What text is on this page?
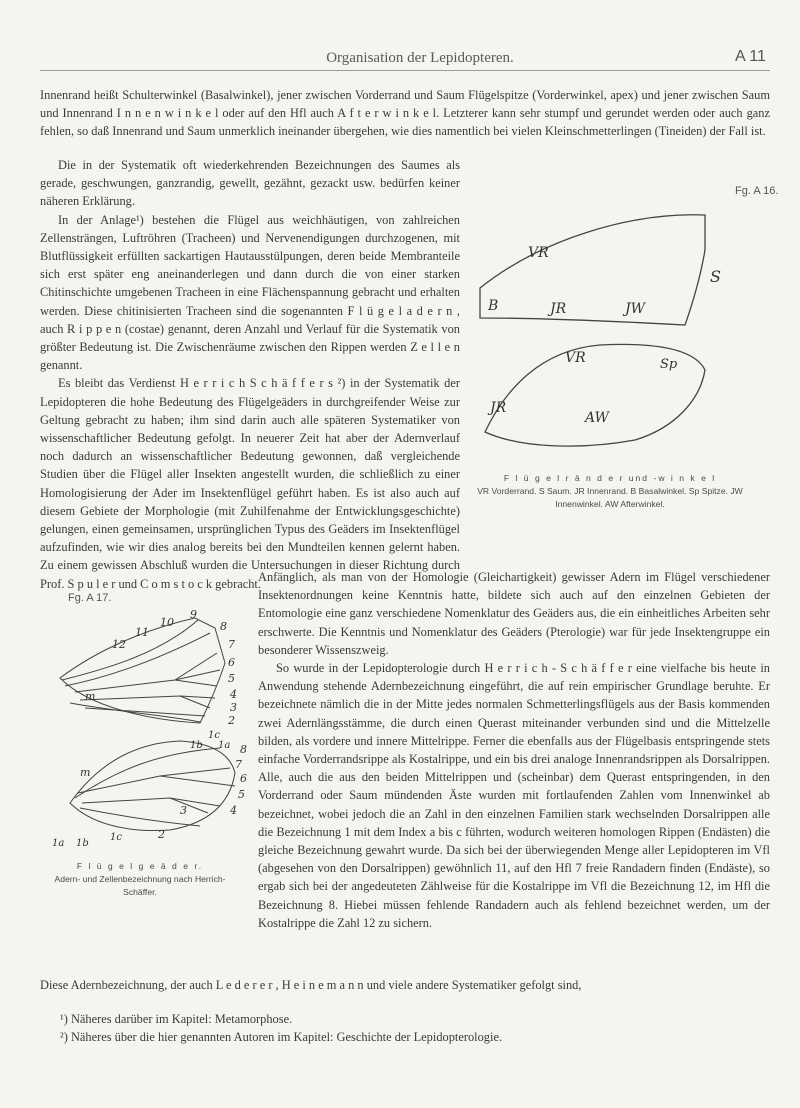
Organisation der Lepidopteren.	A 11

Innenrand heißt Schulterwinkel (Basalwinkel), jener zwischen Vorderrand und Saum Flügelspitze (Vorderwinkel, apex) und jener zwischen Saum und Innenrand I n n e n w i n k e l oder auf den Hfl auch A f t e r w i n k e l. Letzterer kann sehr stumpf und gerundet werden oder auch ganz fehlen, so daß Innenrand und Saum unmerklich ineinander übergehen, wie dies namentlich bei vielen Kleinschmetterlingen (Tineiden) der Fall ist.

Die in der Systematik oft wiederkehrenden Bezeichnungen des Saumes als gerade, geschwungen, ganzrandig, gewellt, gezähnt, gezackt usw. bedürfen keiner näheren Erklärung.

In der Anlage¹) bestehen die Flügel aus weichhäutigen, von zahlreichen Zellensträngen, Luftröhren (Tracheen) und Nervenendigungen durchzogenen, mit Blutflüssigkeit erfüllten sackartigen Hautausstülpungen, deren beide Membranteile sich erst später eng aneinanderlegen und dann durch die von einer starken Chitinschichte umgebenen Tracheen in eine Flächenspannung gebracht und erhalten werden. Diese chitinisierten Tracheen sind die sogenannten F l ü g e l a d e r n , auch R i p p e n (costae) genannt, deren Anzahl und Verlauf für die Systematik von größter Bedeutung ist. Die Zwischenräume zwischen den Rippen werden Z e l l e n genannt.

Es bleibt das Verdienst H e r r i c h S c h ä f f e r s ²) in der Systematik der Lepidopteren die hohe Bedeutung des Flügelgeäders in durchgreifender Weise zur Geltung gebracht zu haben; ihm sind darin auch alle späteren Systematiker von wissenschaftlicher Bedeutung gefolgt. In neuerer Zeit hat aber der Adernverlauf noch dadurch an wissenschaftlicher Bedeutung gewonnen, daß vergleichende Studien über die Flügel aller Insekten angestellt wurden, die schließlich zu einer Homologisierung der Ader im Insektenflügel geführt haben. Es ist also auch auf diesem Gebiete der Morphologie (mit Zuhilfenahme der Entwicklungsgeschichte) gelungen, einen gemeinsamen, ursprünglichen Typus des Geäders im Insektenflügel aufzufinden, wie wir dies analog bereits bei den Mundteilen kennen gelernt haben. Zu einem gewissen Abschluß wurden die Untersuchungen in dieser Richtung durch Prof. S p u l e r und C o m s t o c k gebracht.

Fg. A 16.
S
VR
B	JR	JW
VR	Sp
JR
AW
F l ü g e l r ä n d e r und -w i n k e l
VR Vorderrand. S Saum. JR Innenrand. B Basalwinkel. Sp Spitze. JW Innenwinkel. AW Afterwinkel.

Anfänglich, als man von der Homologie (Gleichartigkeit) gewisser Adern im Flügel verschiedener Insektenordnungen keine Kenntnis hatte, bildete sich auch auf den einzelnen Gebieten der Entomologie eine ganz verschiedene Nomenklatur des Geäders aus, die ein einheitliches Arbeiten sehr erschwerte. Die Kenntnis und Nomenklatur des Geäders (Pterologie) war für jede Insektengruppe ein besonderer Wissenszweig.

So wurde in der Lepidopterologie durch H e r r i c h - S c h ä f f e r eine vielfache bis heute in Anwendung stehende Adernbezeichnung eingeführt, die auf rein empirischer Grundlage beruhte. Er bezeichnete nämlich die in der Mitte jedes normalen Schmetterlingsflügels aus der Basis kommenden zwei Adernlängsstämme, die durch einen Querast miteinander verbunden sind und die Mittelzelle bilden, als vordere und innere Mittelrippe. Ferner die ebenfalls aus der Flügelbasis entspringende stets einfache Vorderrandsrippe als Kostalrippe, und ein bis drei analoge Innenrandsrippen als Dorsalrippen. Alle, auch die aus den beiden Mittelrippen und (scheinbar) dem Querast entspringenden, in den Vorderrand oder Saum mündenden Äste wurden mit fortlaufenden Zahlen vom Innenwinkel ab bezeichnet, wobei jedoch die an Zahl in den einzelnen Familien stark wechselnden Dorsalrippen alle die Bezeichnung 1 mit dem Index a bis c führten, wodurch weiteren homologen Rippen (Endästen) die gleiche Bezeichnung gewahrt wurde. Da sich bei der überwiegenden Menge aller Lepidopteren im Vfl (abgesehen von den Dorsalrippen) gewöhnlich 11, auf den Hfl 7 freie Randadern finden (Endäste), so ergab sich bei der angedeuteten Zählweise für die Kostalrippe im Vfl die Bezeichnung 12, im Hfl die Bezeichnung 8. Hiebei müssen fehlende Randadern auch als fehlend bezeichnet werden, um der Kostalrippe die Zahl 12 zu sichern.

Fg. A 17.
10
9
8
11
12	7
6
5
4
3
2
m
1c
1b 1a 8
7
6
5
4
3
2
m
1a 1b
1c
F l ü g e l g e ä d e r.
Adern- und Zellenbezeichnung nach Herrich-Schäffer.

Diese Adernbezeichnung, der auch L e d e r e r , H e i n e m a n n und viele andere Systematiker gefolgt sind,

¹) Näheres darüber im Kapitel: Metamorphose.
²) Näheres über die hier genannten Autoren im Kapitel: Geschichte der Lepidopterologie.
